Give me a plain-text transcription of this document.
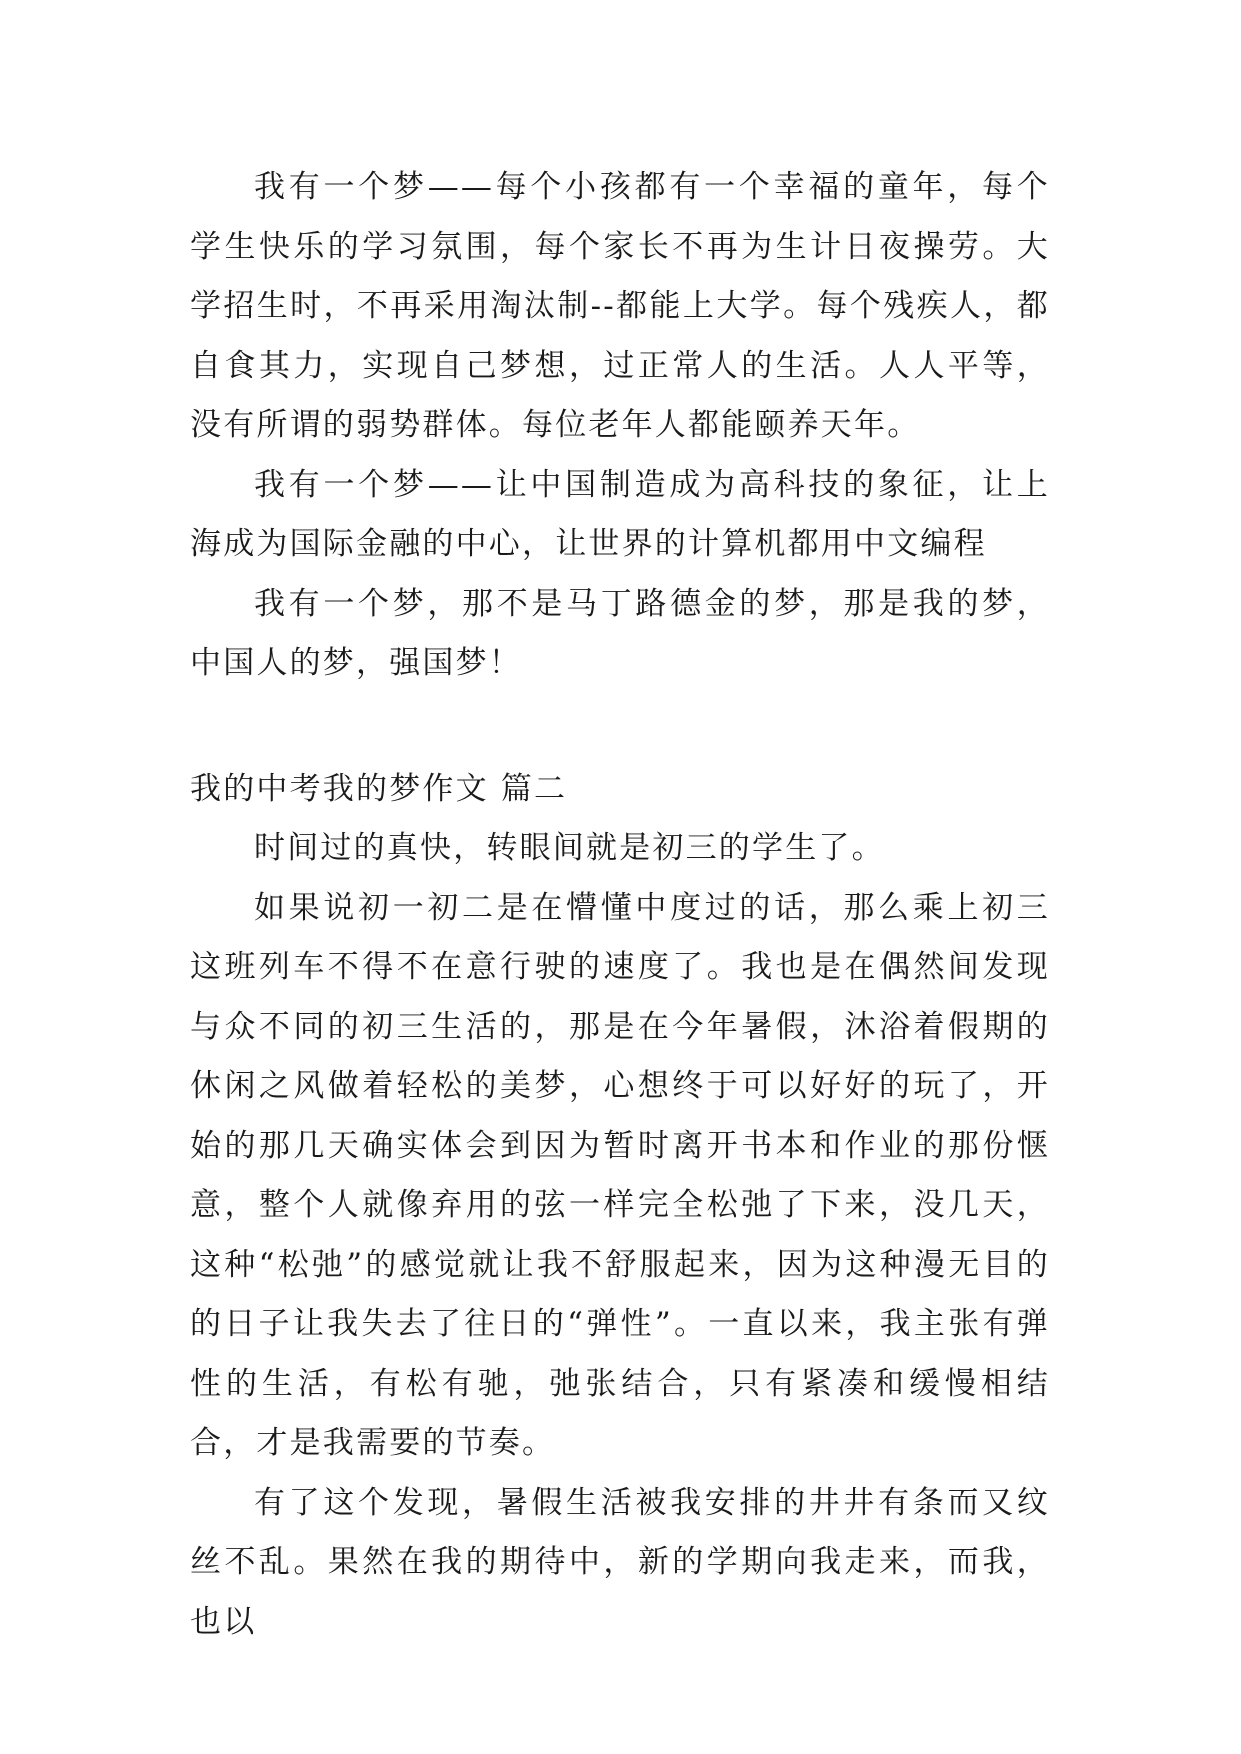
我有一个梦——每个小孩都有一个幸福的童年，每个学生快乐的学习氛围，每个家长不再为生计日夜操劳。大学招生时，不再采用淘汰制--都能上大学。每个残疾人，都自食其力，实现自己梦想，过正常人的生活。人人平等，没有所谓的弱势群体。每位老年人都能颐养天年。

我有一个梦——让中国制造成为高科技的象征，让上海成为国际金融的中心，让世界的计算机都用中文编程

我有一个梦，那不是马丁路德金的梦，那是我的梦，中国人的梦，强国梦！

我的中考我的梦作文 篇二

时间过的真快，转眼间就是初三的学生了。

如果说初一初二是在懵懂中度过的话，那么乘上初三这班列车不得不在意行驶的速度了。我也是在偶然间发现与众不同的初三生活的，那是在今年暑假，沐浴着假期的休闲之风做着轻松的美梦，心想终于可以好好的玩了，开始的那几天确实体会到因为暂时离开书本和作业的那份惬意，整个人就像弃用的弦一样完全松弛了下来，没几天，这种“松弛”的感觉就让我不舒服起来，因为这种漫无目的的日子让我失去了往日的“弹性”。一直以来，我主张有弹性的生活，有松有驰，弛张结合，只有紧凑和缓慢相结合，才是我需要的节奏。

有了这个发现，暑假生活被我安排的井井有条而又纹丝不乱。果然在我的期待中，新的学期向我走来，而我，也以
